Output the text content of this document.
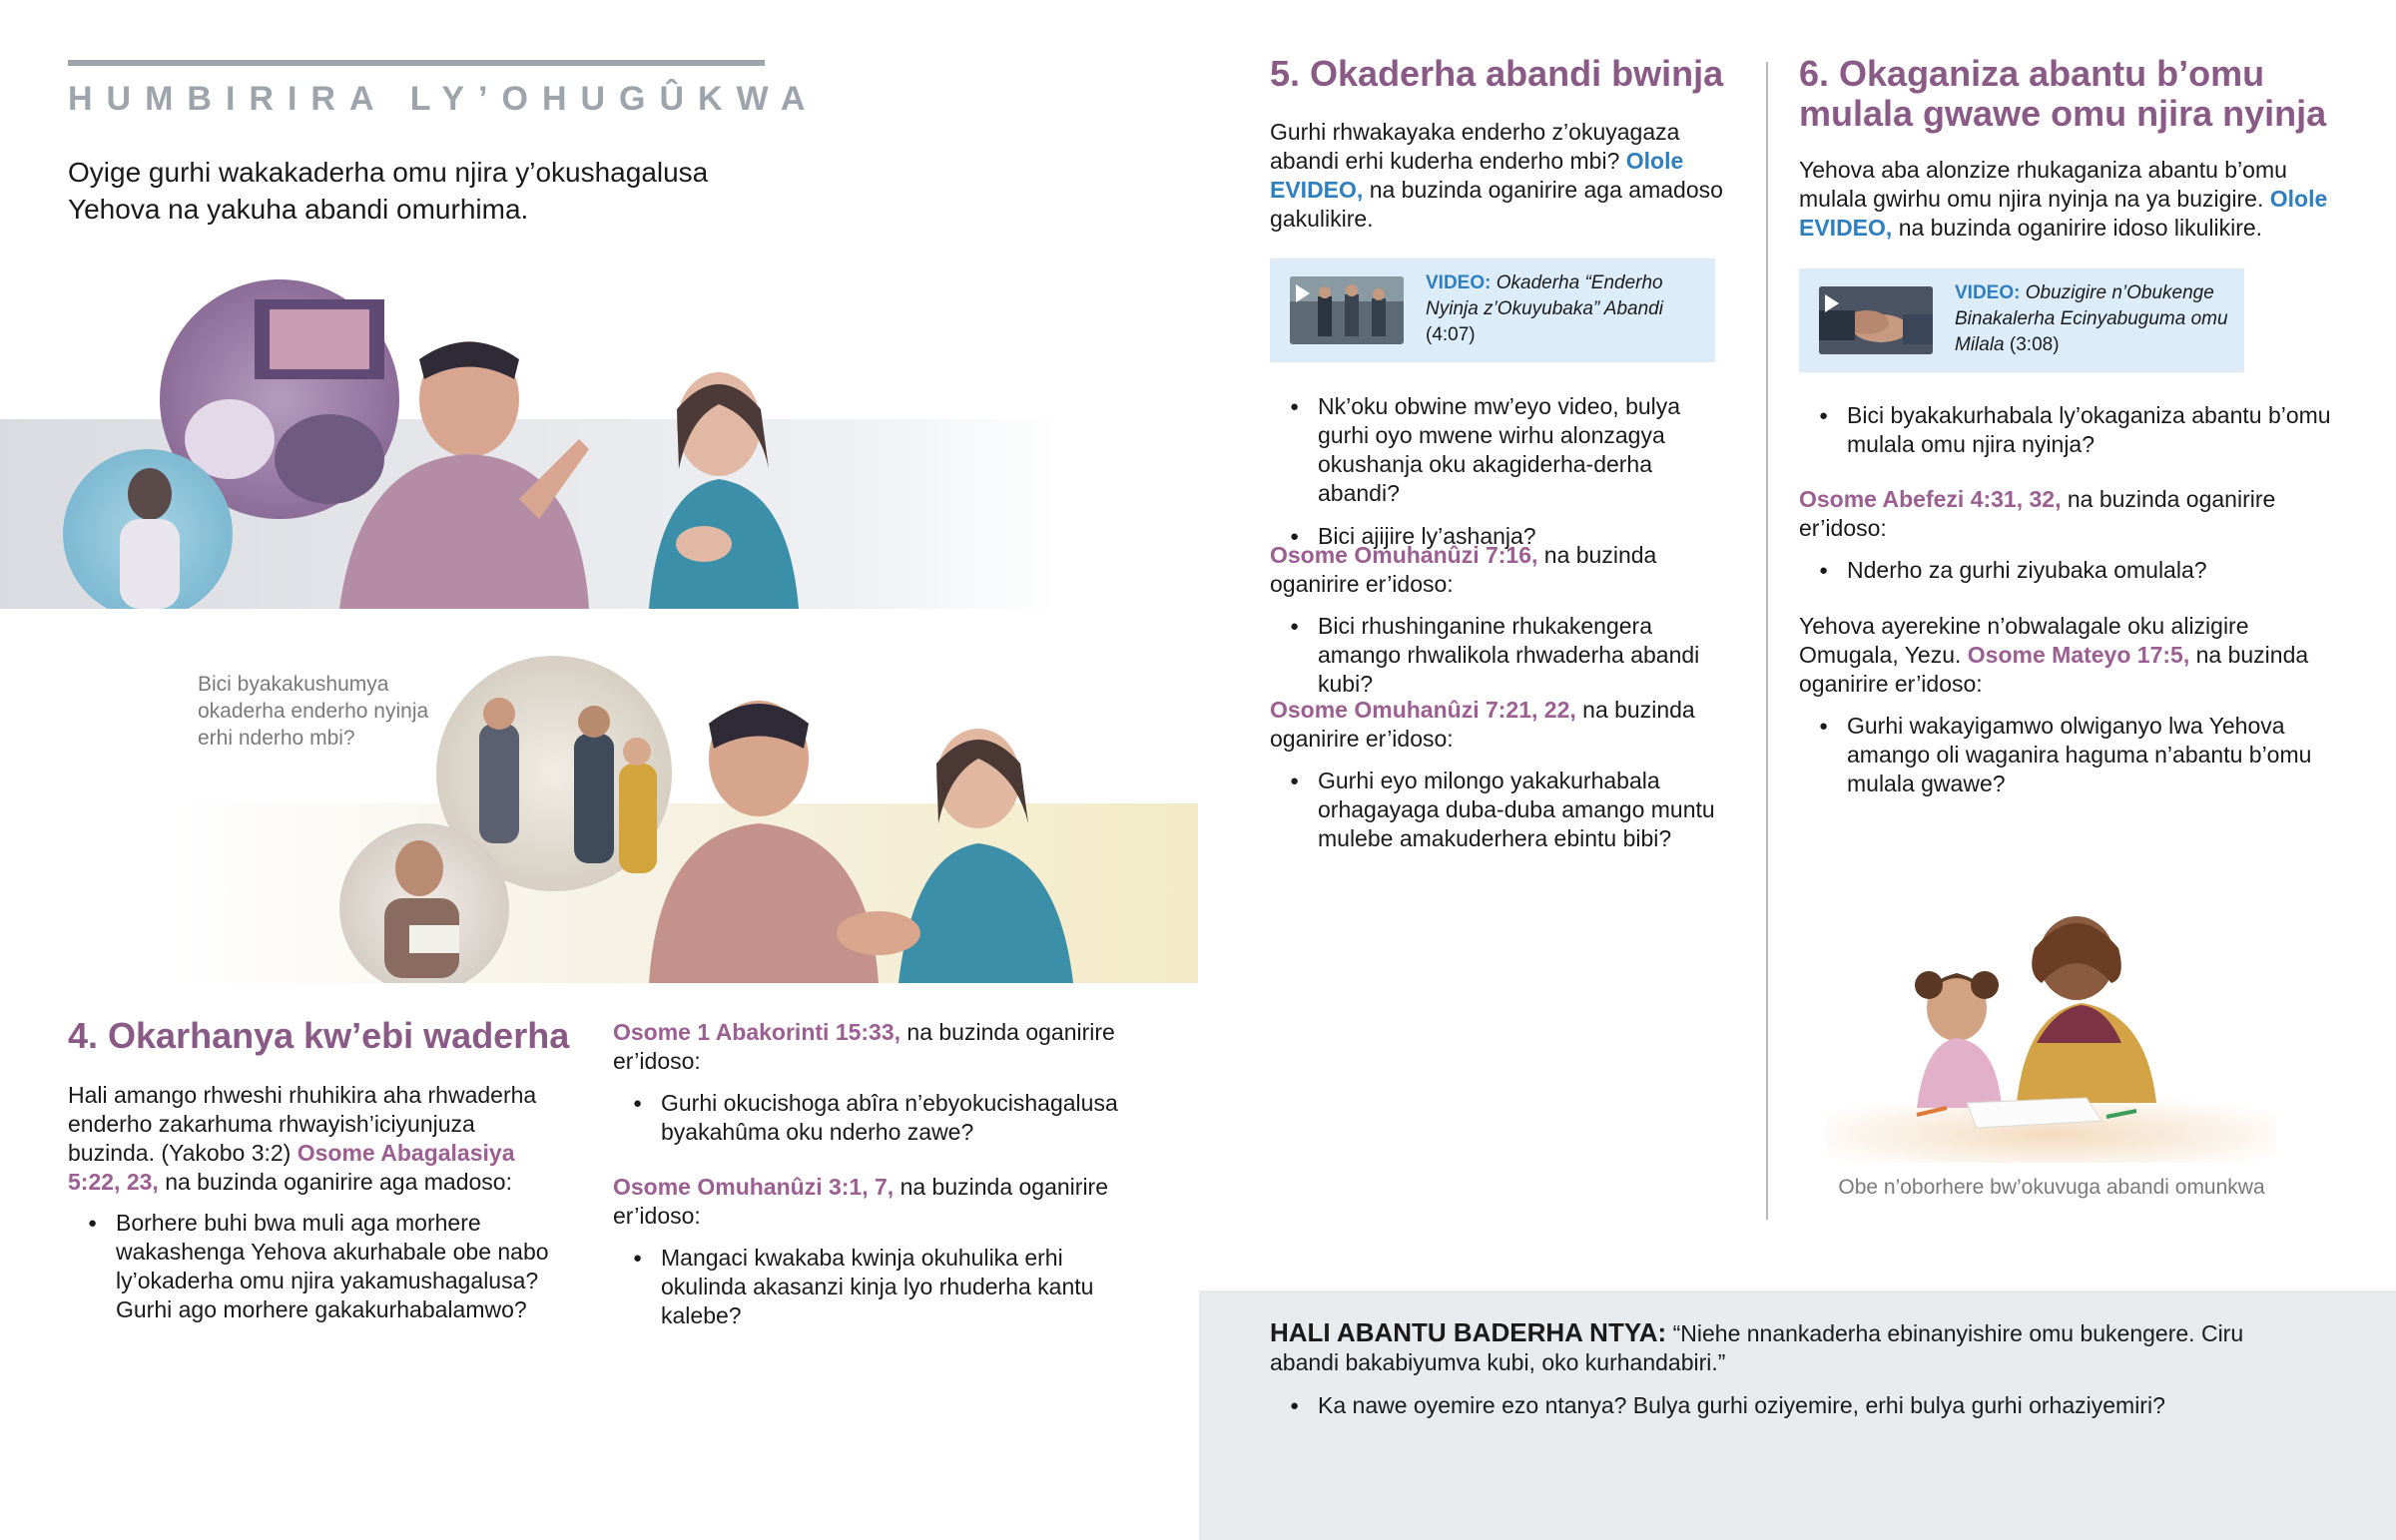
HUMBIRIRA LY’OHUGÛKWA
Oyige gurhi wakakaderha omu njira y’okushagalusa Yehova na yakuha abandi omurhima.
Bici byakakushumya okaderha enderho nyinja erhi nderho mbi?
4. Okarhanya kw’ebi waderha
Hali amango rhweshi rhuhikira aha rhwaderha enderho zakarhuma rhwayish’iciyunjuza buzinda. (Yakobo 3:2) Osome Abagalasiya 5:22, 23, na buzinda oganirire aga madoso:
● Borhere buhi bwa muli aga morhere wakashenga Yehova akurhabale obe nabo ly’okaderha omu njira yakamushagalusa? Gurhi ago morhere gakakurhabalamwo?
Osome 1 Abakorinti 15:33, na buzinda oganirire er’idoso:
● Gurhi okucishoga abîra n’ebyokucishagalusa byakahûma oku nderho zawe?
Osome Omuhanûzi 3:1, 7, na buzinda oganirire er’idoso:
● Mangaci kwakaba kwinja okuhulika erhi okulinda akasanzi kinja lyo rhuderha kantu kalebe?
5. Okaderha abandi bwinja
Gurhi rhwakayaka enderho z’okuyagaza abandi erhi kuderha enderho mbi? Ololе EVIDEO, na buzinda oganirire aga amadoso gakulikire.
VIDEO: Okaderha “Enderho Nyinja z’Okuyubaka” Abandi (4:07)
● Nk’oku obwine mw’eyo video, bulya gurhi oyo mwene wirhu alonzagya okushanja oku akagiderha-derha abandi?
● Bici ajijire ly’ashanja?
Osome Omuhanûzi 7:16, na buzinda oganirire er’idoso:
● Bici rhushinganine rhukakengera amango rhwalikola rhwaderha abandi kubi?
Osome Omuhanûzi 7:21, 22, na buzinda oganirire er’idoso:
● Gurhi eyo milongo yakakurhabala orhagayaga duba-duba amango muntu mulebe amakuderhera ebintu bibi?
6. Okaganiza abantu b’omu mulala gwawe omu njira nyinja
Yehova aba alonzize rhukaganiza abantu b’omu mulala gwirhu omu njira nyinja na ya buzigire. Ololе EVIDEO, na buzinda oganirire idoso likulikire.
VIDEO: Obuzigire n’Obukenge Binakalerha Ecinyabuguma omu Milala (3:08)
● Bici byakakurhabala ly’okaganiza abantu b’omu mulala omu njira nyinja?
Osome Abefezi 4:31, 32, na buzinda oganirire er’idoso:
● Nderho za gurhi ziyubaka omulala?
Yehova ayerekine n’obwalagale oku alizigire Omugala, Yezu. Osome Mateyo 17:5, na buzinda oganirire er’idoso:
● Gurhi wakayigamwo olwiganyo lwa Yehova amango oli waganira haguma n’abantu b’omu mulala gwawe?
Obe n’oborhere bw’okuvuga abandi omunkwa
HALI ABANTU BADERHA NTYA: “Niehe nnankaderha ebinanyishire omu bukengere. Ciru abandi bakabiyumva kubi, oko kurhandabiri.”
● Ka nawe oyemire ezo ntanya? Bulya gurhi oziyemire, erhi bulya gurhi orhaziyemiri?
